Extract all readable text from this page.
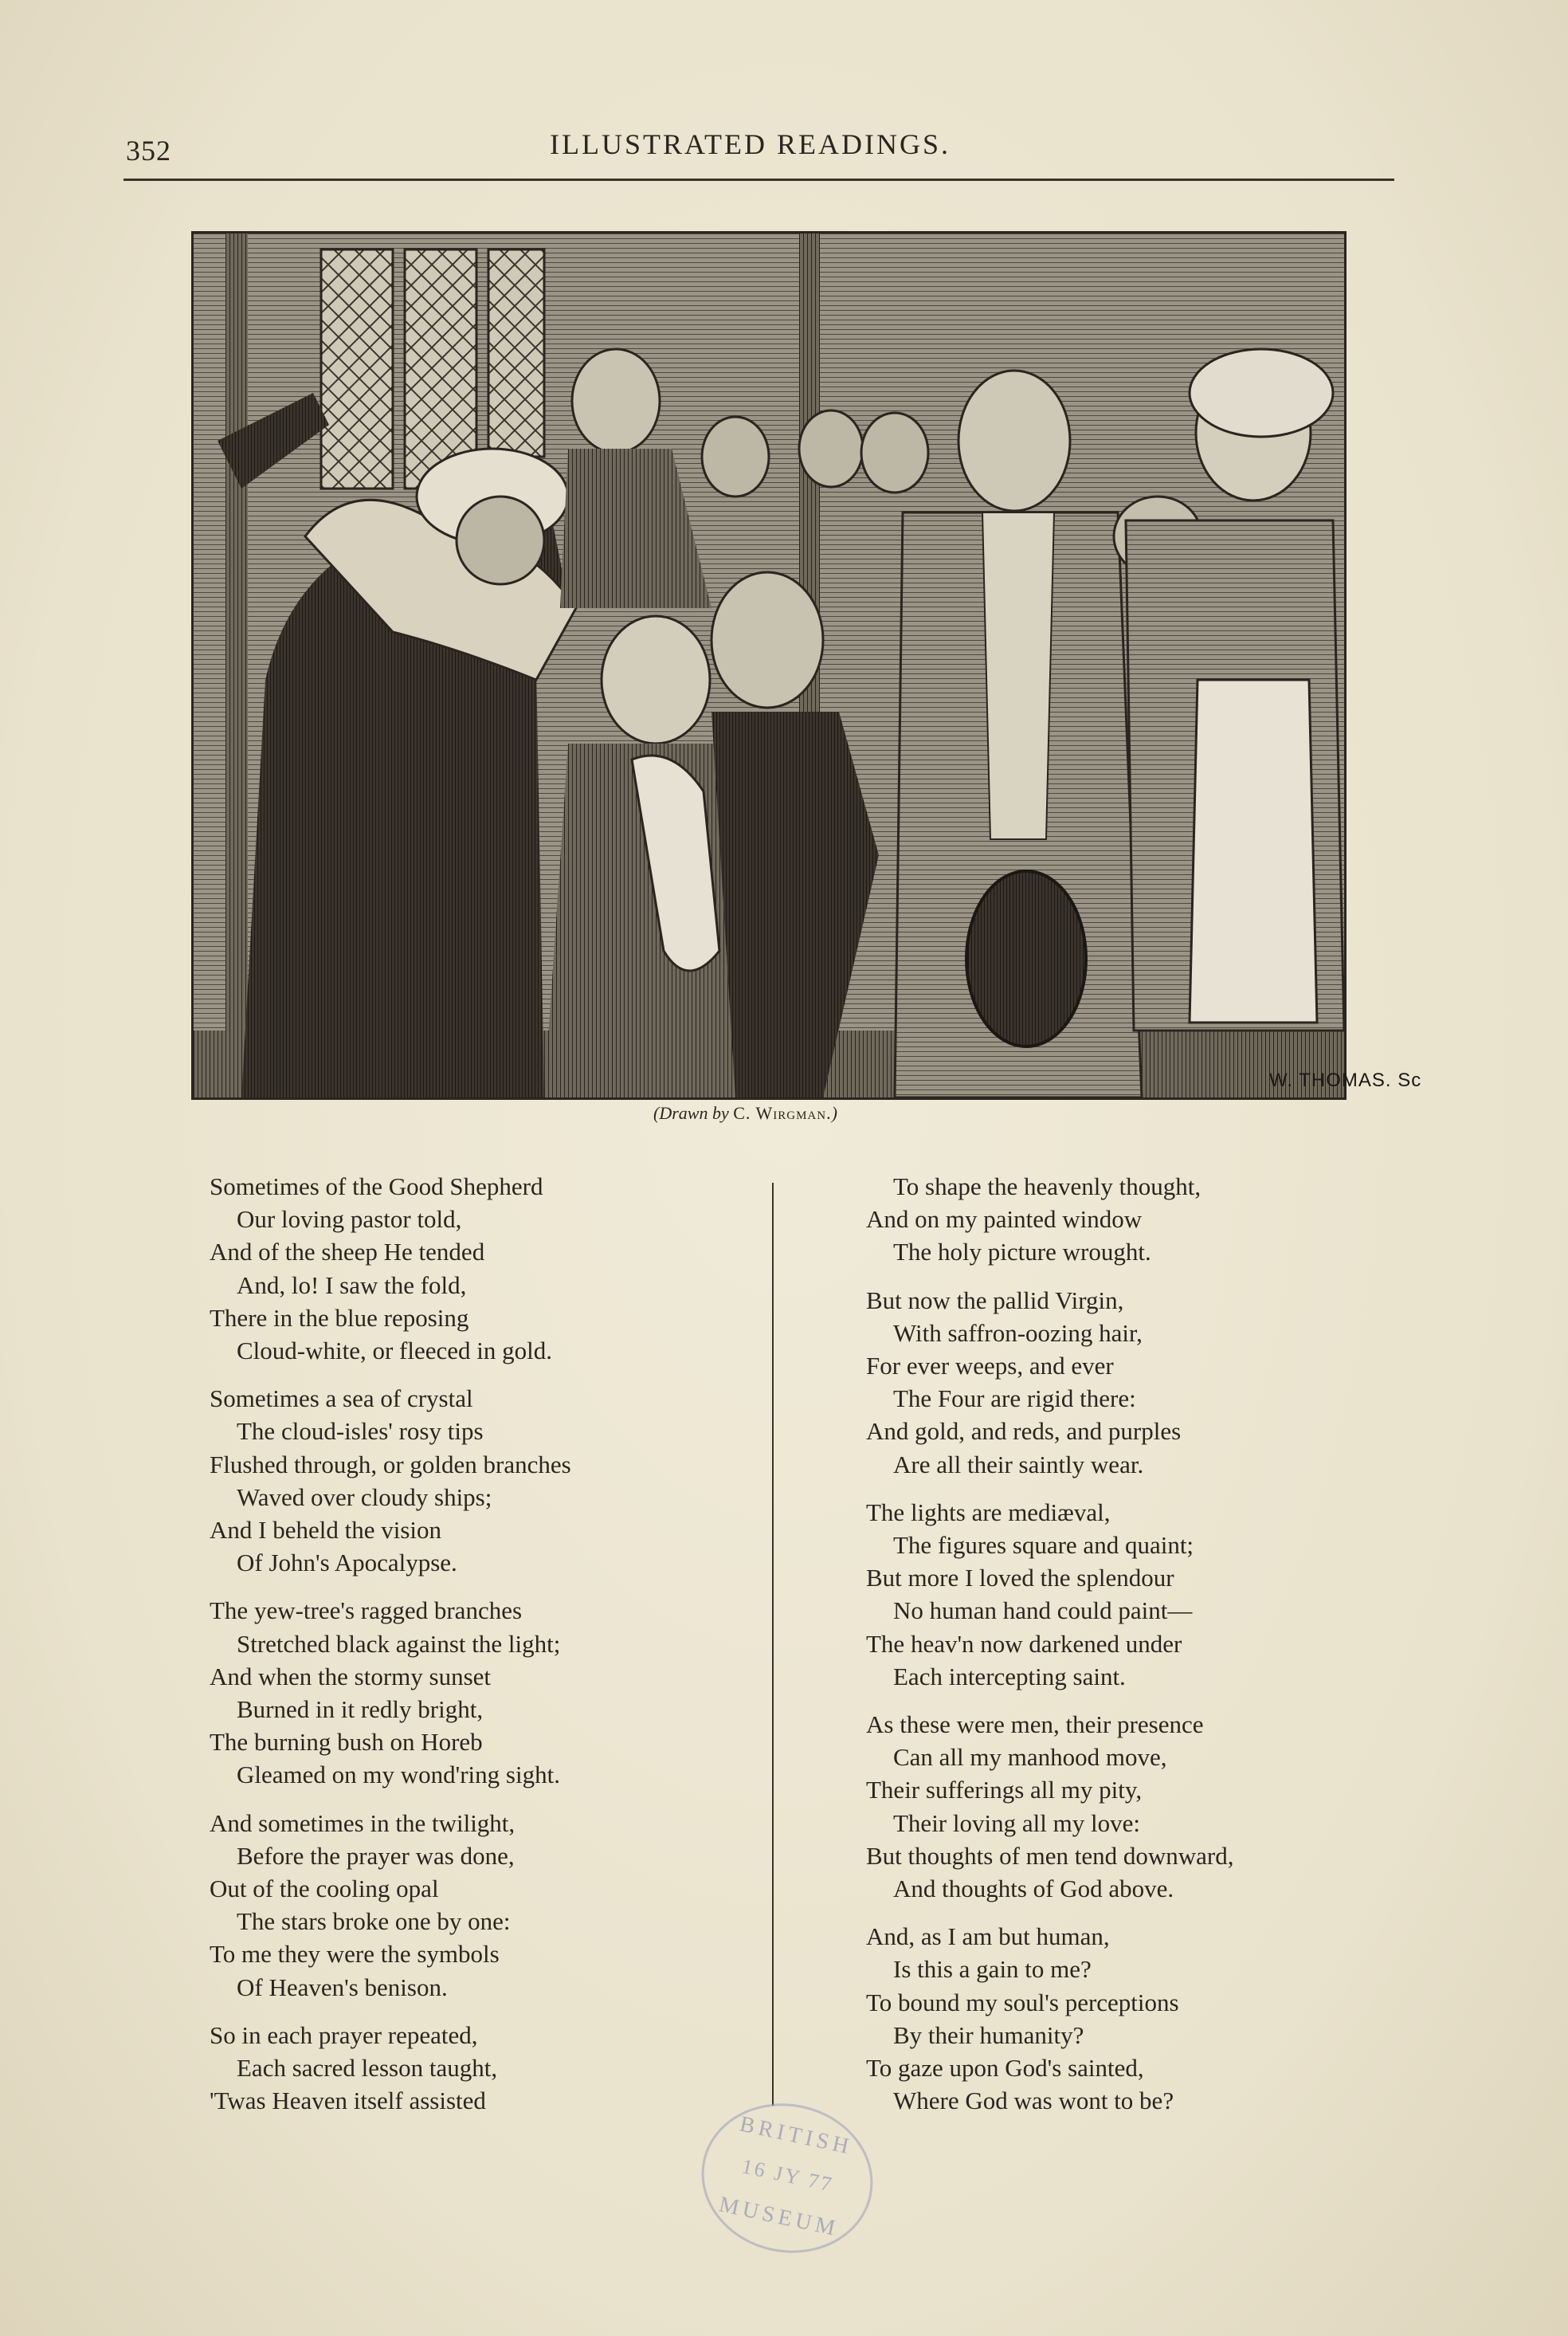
352	ILLUSTRATED READINGS.
W. THOMAS. Sc
(Drawn by C. Wirgman.)
Sometimes of the Good Shepherd
Our loving pastor told,
And of the sheep He tended
And, lo! I saw the fold,
There in the blue reposing
Cloud-white, or fleeced in gold.
Sometimes a sea of crystal
The cloud-isles' rosy tips
Flushed through, or golden branches
Waved over cloudy ships;
And I beheld the vision
Of John's Apocalypse.
The yew-tree's ragged branches
Stretched black against the light;
And when the stormy sunset
Burned in it redly bright,
The burning bush on Horeb
Gleamed on my wond'ring sight.
And sometimes in the twilight,
Before the prayer was done,
Out of the cooling opal
The stars broke one by one:
To me they were the symbols
Of Heaven's benison.
So in each prayer repeated,
Each sacred lesson taught,
'Twas Heaven itself assisted
To shape the heavenly thought,
And on my painted window
The holy picture wrought.
But now the pallid Virgin,
With saffron-oozing hair,
For ever weeps, and ever
The Four are rigid there:
And gold, and reds, and purples
Are all their saintly wear.
The lights are mediæval,
The figures square and quaint;
But more I loved the splendour
No human hand could paint—
The heav'n now darkened under
Each intercepting saint.
As these were men, their presence
Can all my manhood move,
Their sufferings all my pity,
Their loving all my love:
But thoughts of men tend downward,
And thoughts of God above.
And, as I am but human,
Is this a gain to me?
To bound my soul's perceptions
By their humanity?
To gaze upon God's sainted,
Where God was wont to be?
BRITISH
16 JY 77
MUSEUM
